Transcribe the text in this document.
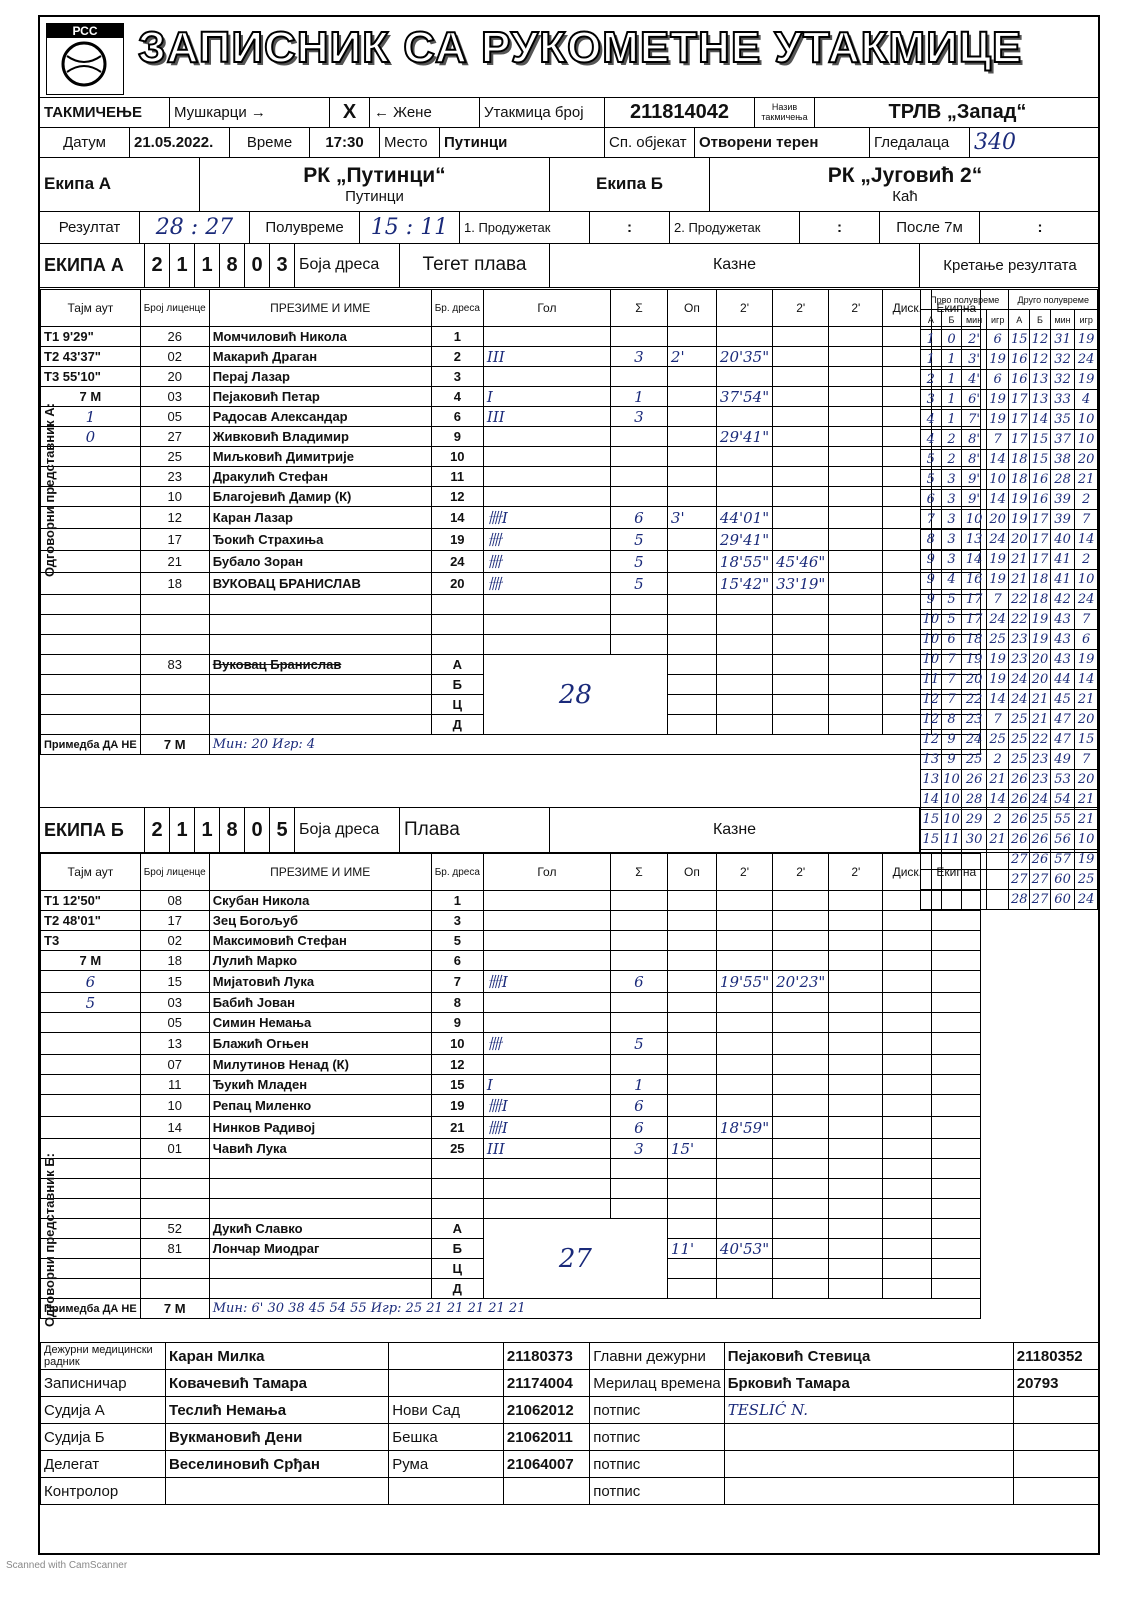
РСС ЗАПИСНИК СА РУКОМЕТНЕ УТАКМИЦЕ
ТАКМИЧЕЊЕ	Мушкарци →	X	← Жене	Утакмица број	211814042	Назив такмичења	ТРЛВ „Запад“
Датум	21.05.2022.	Време	17:30	Место	Путинци	Сп. објекат Отворени терен	Гледалаца	340
Екипа А	РК „Путинци“
Путинци
Екипа Б	РК „Југовић 2“
Каћ
Резултат	28 : 27	Полувреме	15 : 11	1. Продужетак	:	2. Продужетак	:	После 7м	:
ЕКИПА А	2 1 1 8 0 3 Боја дреса	Тегет плава	Казне	Кретање резултата
Тајм аут	Број лиценце	ПРЕЗИМЕ И ИМЕ	Бр. дреса	Гол	Σ	Оп	2'	2'	2'	Диск.	Екипна
T1 9'29"	26	Момчиловић Никола	1								
T2 43'37"	02	Макарић Драган	2	III	3	2'	20'35"				
T3 55'10"	20	Перај Лазар	3								
7 М	03	Пејаковић Петар	4	I	1		37'54"				
1	05	Радосав Александар	6	III	3						
0	27	Живковић Владимир	9				29'41"				
	25	Миљковић Димитрије	10								
	23	Дракулић Стефан	11								
	10	Благојевић Дамир (К)	12								
	12	Каран Лазар	14	卌I	6	3'	44'01"				
	17	Ђокић Страхиња	19	卌	5		29'41"				
	21	Бубало Зоран	24	卌	5		18'55"	45'46"			
	18	ВУКОВАЦ БРАНИСЛАВ	20	卌	5		15'42"	33'19"			

	83	Вуковац Бранислав	А	28							
			Б								
			Ц								
			Д								
Примедба ДА НЕ	7 М	Мин: 20 Игр: 4									
Тајм аут	Број лиценце	ПРЕЗИМЕ И ИМЕ	Бр. дреса	Гол	Σ	Оп	2'	2'	2'	Диск.	Екипна
T1 12'50"	08	Скубан Никола	1								
T2 48'01"	17	Зец Богољуб	3								
T3	02	Максимовић Стефан	5								
7 М	18	Лулић Марко	6								
6	15	Мијатовић Лука	7	卌I	6		19'55"	20'23"			
5	03	Бабић Јован	8								
	05	Симин Немања	9								
	13	Блажић Огњен	10	卌	5						
	07	Милутинов Ненад (К)	12								
	11	Ђукић Младен	15	I	1						
	10	Репац Миленко	19	卌I	6						
	14	Нинков Радивој	21	卌I	6		18'59"				
	01	Чавић Лука	25	III	3	15'					

	52	Дукић Славко	А	27							
	81	Лончар Миодраг	Б			11'	40'53"				
			Ц								
			Д								
Примедба ДА НЕ	7 М	Мин: 6' 30 38 45 54 55 Игр: 25 21 21 21 21 21									
Прво полувреме				Друго полувреме			
А	Б	мин	игр	А	Б	мин	игр
1	0	2'	6	15	12	31	19
1	1	3'	19	16	12	32	24
2	1	4'	6	16	13	32	19
3	1	6'	19	17	13	33	4
4	1	7'	19	17	14	35	10
4	2	8'	7	17	15	37	10
5	2	8'	14	18	15	38	20
5	3	9'	10	18	16	28	21
6	3	9'	14	19	16	39	2
7	3	10	20	19	17	39	7
8	3	13	24	20	17	40	14
9	3	14	19	21	17	41	2
9	4	16	19	21	18	41	10
9	5	17	7	22	18	42	24
10	5	17	24	22	19	43	7
10	6	18	25	23	19	43	6
10	7	19	19	23	20	43	19
11	7	20	19	24	20	44	14
12	7	22	14	24	21	45	21
12	8	23	7	25	21	47	20
12	9	24	25	25	22	47	15
13	9	25	2	25	23	49	7
13	10	26	21	26	23	53	20
14	10	28	14	26	24	54	21
15	10	29	2	26	25	55	21
15	11	30	21	26	26	56	10
				27	26	57	19
				27	27	60	25
				28	27	60	24
Дежурни медицински радник	Каран Милка		21180373	Главни дежурни	Пејаковић Стевица	21180352
Записничар	Ковачевић Тамара		21174004	Мерилац времена	Брковић Тамара	20793
Судија А	Теслић Немања	Нови Сад	21062012	потпис	TESLIĆ N.	
Судија Б	Вукмановић Дени	Бешка	21062011	потпис		
Делегат	Веселиновић Срђан	Рума	21064007	потпис		
Контролор				потпис		
Одговорни представник А:
ЕКИПА Б	2 1 1 8 0 5 Боја дреса	Плава	Казне
Одговорни представник Б:
Scanned with CamScanner
